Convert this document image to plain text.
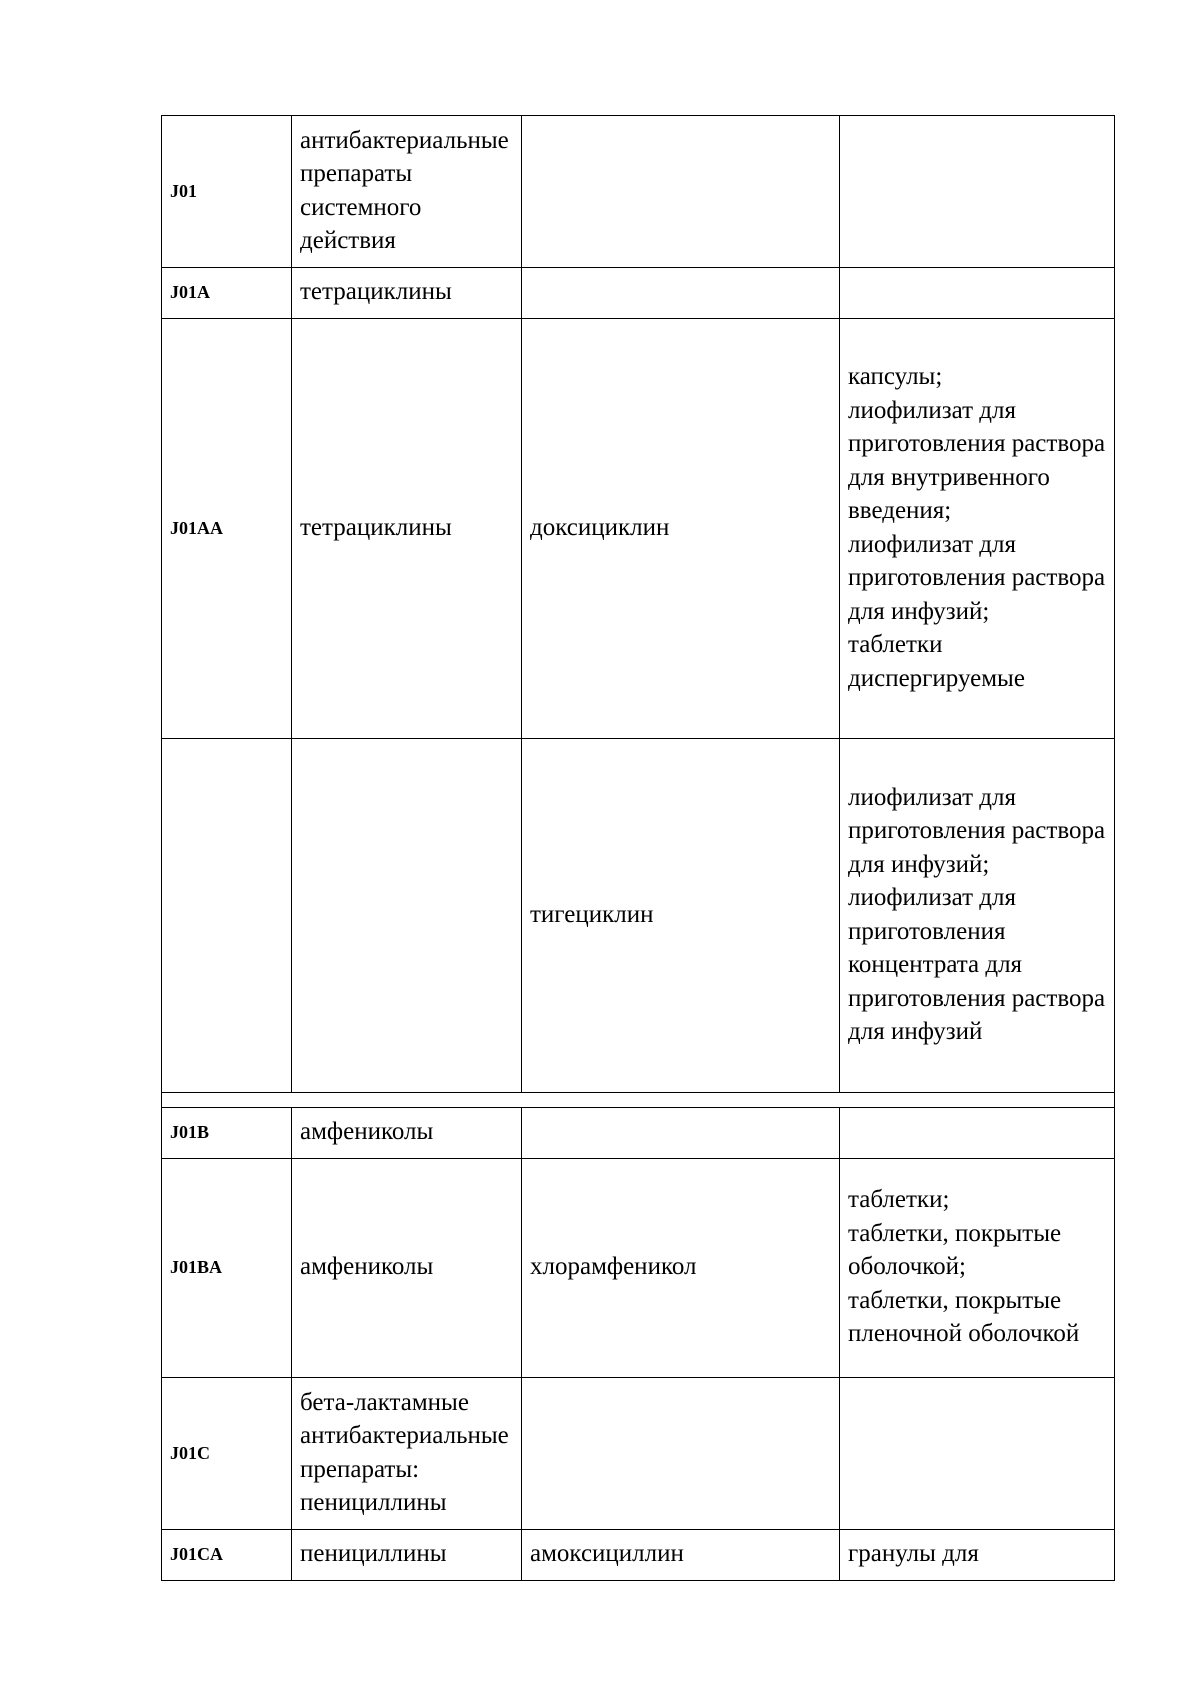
J01	антибактериальные препараты системного действия		
J01A	тетрациклины		
J01AA	тетрациклины	доксициклин	капсулы;
лиофилизат для приготовления раствора для внутривенного введения;
лиофилизат для приготовления раствора для инфузий;
таблетки диспергируемые
		тигециклин	лиофилизат для приготовления раствора для инфузий;
лиофилизат для приготовления концентрата для приготовления раствора для инфузий

J01B	амфениколы		
J01BA	амфениколы	хлорамфеникол	таблетки;
таблетки, покрытые оболочкой;
таблетки, покрытые пленочной оболочкой
J01C	бета-лактамные антибактериальные препараты: пенициллины		
J01CA	пенициллины	амоксициллин	гранулы для
